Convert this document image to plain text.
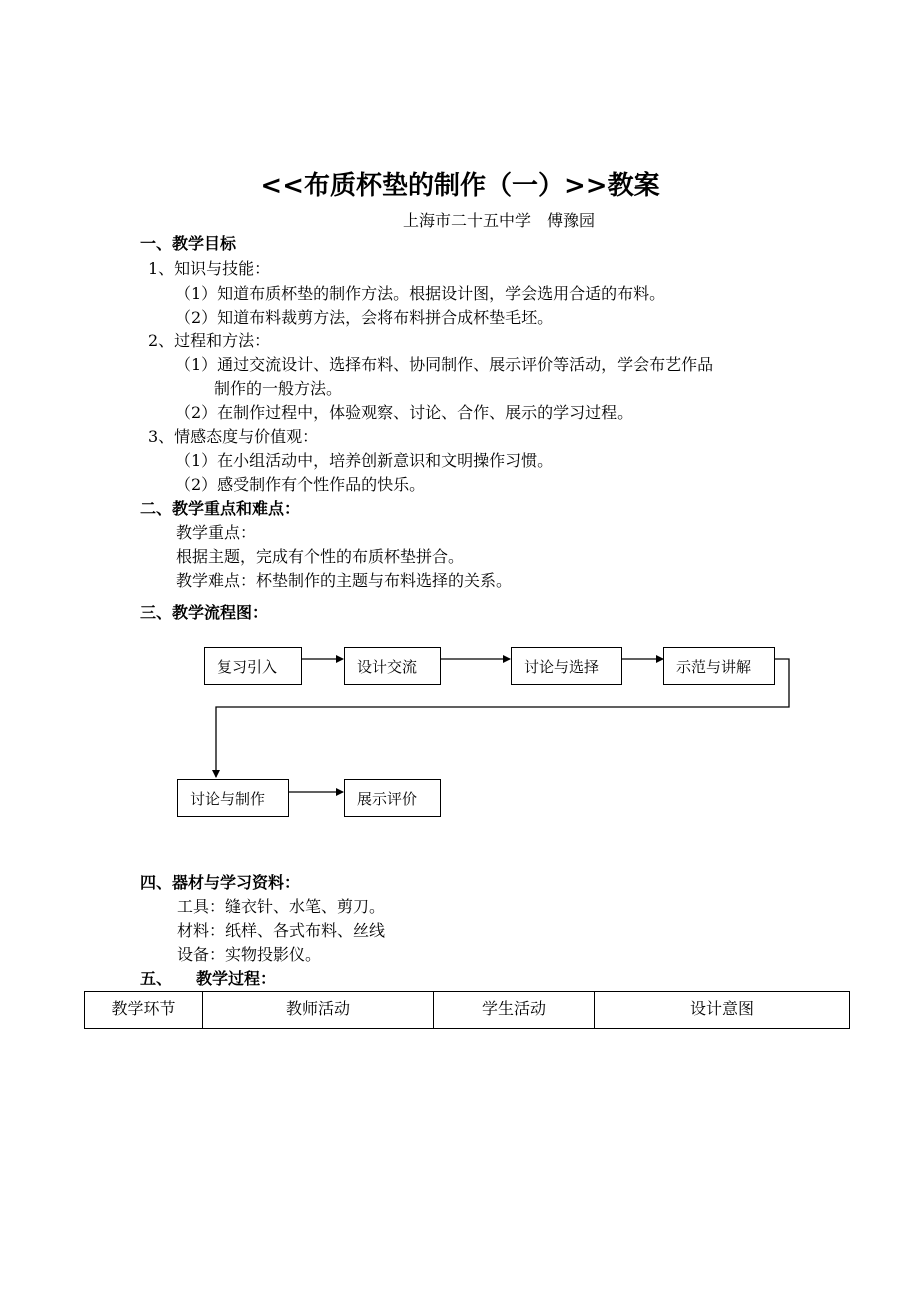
<<布质杯垫的制作（一）>>教案
上海市二十五中学　傅豫园
一、教学目标
1、知识与技能：
（1）知道布质杯垫的制作方法。根据设计图，学会选用合适的布料。
（2）知道布料裁剪方法，会将布料拼合成杯垫毛坯。
2、过程和方法：
（1）通过交流设计、选择布料、协同制作、展示评价等活动，学会布艺作品
制作的一般方法。
（2）在制作过程中，体验观察、讨论、合作、展示的学习过程。
3、情感态度与价值观：
（1）在小组活动中，培养创新意识和文明操作习惯。
（2）感受制作有个性作品的快乐。
二、教学重点和难点：
教学重点：
根据主题，完成有个性的布质杯垫拼合。
教学难点：杯垫制作的主题与布料选择的关系。
三、教学流程图：
复习引入	设计交流	讨论与选择	示范与讲解
讨论与制作	展示评价
四、器材与学习资料：
工具：缝衣针、水笔、剪刀。
材料：纸样、各式布料、丝线
设备：实物投影仪。
五、 教学过程：
教学环节	教师活动	学生活动	设计意图
